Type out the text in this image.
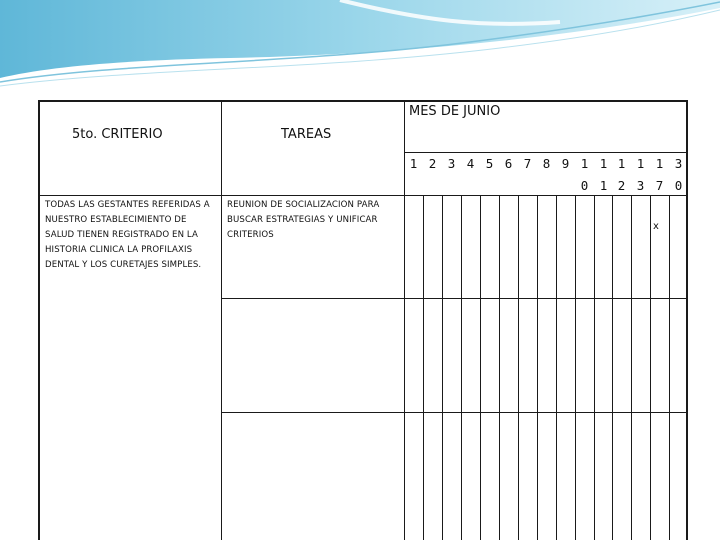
5to. CRITERIO	TAREAS
MES DE JUNIO
1 2 3 4 5 6 7 8 9 1
0
1
1
1
2
1
3
1
7
3
0
TODAS LAS GESTANTES REFERIDAS A NUESTRO ESTABLECIMIENTO DE SALUD TIENEN REGISTRADO EN LA HISTORIA CLINICA LA PROFILAXIS DENTAL Y LOS CURETAJES SIMPLES.
REUNION DE SOCIALIZACION PARA BUSCAR ESTRATEGIAS Y UNIFICAR CRITERIOS
x
